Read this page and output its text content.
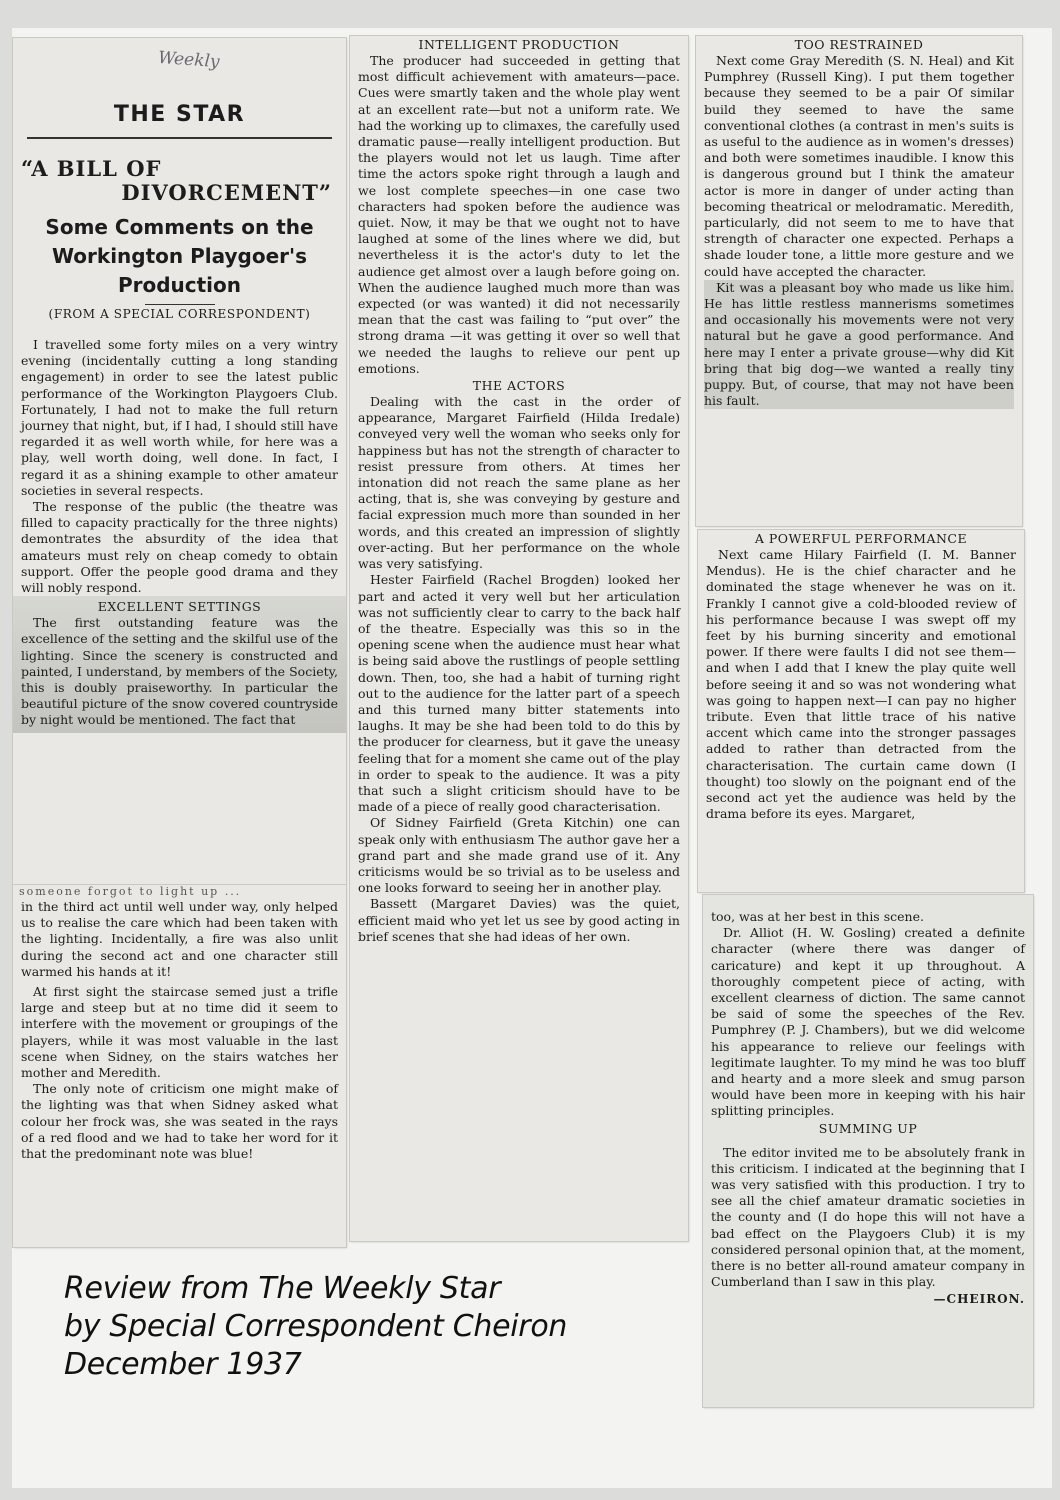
Weekly
THE STAR
“A BILL OF
DIVORCEMENT”
Some Comments on the Workington Playgoer's Production
(FROM A SPECIAL CORRESPONDENT)

I travelled some forty miles on a very wintry evening (incidentally cutting a long standing engagement) in order to see the latest public performance of the Workington Playgoers Club. Fortunately, I had not to make the full return journey that night, but, if I had, I should still have regarded it as well worth while, for here was a play, well worth doing, well done. In fact, I regard it as a shining example to other amateur societies in several respects.

The response of the public (the theatre was filled to capacity practically for the three nights) demontrates the absurdity of the idea that amateurs must rely on cheap comedy to obtain support. Offer the people good drama and they will nobly respond.

EXCELLENT SETTINGS

The first outstanding feature was the excellence of the setting and the skilful use of the lighting. Since the scenery is constructed and painted, I understand, by members of the Society, this is doubly praiseworthy. In particular the beautiful picture of the snow covered countryside by night would be mentioned. The fact that

someone forgot to light up ...

in the third act until well under way, only helped us to realise the care which had been taken with the lighting. Incidentally, a fire was also unlit during the second act and one character still warmed his hands at it!

At first sight the staircase semed just a trifle large and steep but at no time did it seem to interfere with the movement or groupings of the players, while it was most valuable in the last scene when Sidney, on the stairs watches her mother and Meredith.

The only note of criticism one might make of the lighting was that when Sidney asked what colour her frock was, she was seated in the rays of a red flood and we had to take her word for it that the predominant note was blue!

INTELLIGENT PRODUCTION

The producer had succeeded in getting that most difficult achievement with amateurs—pace. Cues were smartly taken and the whole play went at an excellent rate—but not a uniform rate. We had the working up to climaxes, the carefully used dramatic pause—really intelligent production. But the players would not let us laugh. Time after time the actors spoke right through a laugh and we lost complete speeches—in one case two characters had spoken before the audience was quiet. Now, it may be that we ought not to have laughed at some of the lines where we did, but nevertheless it is the actor's duty to let the audience get almost over a laugh before going on. When the audience laughed much more than was expected (or was wanted) it did not necessarily mean that the cast was failing to “put over” the strong drama —it was getting it over so well that we needed the laughs to relieve our pent up emotions.

THE ACTORS

Dealing with the cast in the order of appearance, Margaret Fairfield (Hilda Iredale) conveyed very well the woman who seeks only for happiness but has not the strength of character to resist pressure from others. At times her intonation did not reach the same plane as her acting, that is, she was conveying by gesture and facial expression much more than sounded in her words, and this created an impression of slightly over-acting. But her performance on the whole was very satisfying.

Hester Fairfield (Rachel Brogden) looked her part and acted it very well but her articulation was not sufficiently clear to carry to the back half of the theatre. Especially was this so in the opening scene when the audience must hear what is being said above the rustlings of people settling down. Then, too, she had a habit of turning right out to the audience for the latter part of a speech and this turned many bitter statements into laughs. It may be she had been told to do this by the producer for clearness, but it gave the uneasy feeling that for a moment she came out of the play in order to speak to the audience. It was a pity that such a slight criticism should have to be made of a piece of really good characterisation.

Of Sidney Fairfield (Greta Kitchin) one can speak only with enthusiasm The author gave her a grand part and she made grand use of it. Any criticisms would be so trivial as to be useless and one looks forward to seeing her in another play.

Bassett (Margaret Davies) was the quiet, efficient maid who yet let us see by good acting in brief scenes that she had ideas of her own.

TOO RESTRAINED

Next come Gray Meredith (S. N. Heal) and Kit Pumphrey (Russell King). I put them together because they seemed to be a pair Of similar build they seemed to have the same conventional clothes (a contrast in men's suits is as useful to the audience as in women's dresses) and both were sometimes inaudible. I know this is dangerous ground but I think the amateur actor is more in danger of under acting than becoming theatrical or melodramatic. Meredith, particularly, did not seem to me to have that strength of character one expected. Perhaps a shade louder tone, a little more gesture and we could have accepted the character.

Kit was a pleasant boy who made us like him. He has little restless mannerisms sometimes and occasionally his movements were not very natural but he gave a good performance. And here may I enter a private grouse—why did Kit bring that big dog—we wanted a really tiny puppy. But, of course, that may not have been his fault.

A POWERFUL PERFORMANCE

Next came Hilary Fairfield (I. M. Banner Mendus). He is the chief character and he dominated the stage whenever he was on it. Frankly I cannot give a cold-blooded review of his performance because I was swept off my feet by his burning sincerity and emotional power. If there were faults I did not see them—and when I add that I knew the play quite well before seeing it and so was not wondering what was going to happen next—I can pay no higher tribute. Even that little trace of his native accent which came into the stronger passages added to rather than detracted from the characterisation. The curtain came down (I thought) too slowly on the poignant end of the second act yet the audience was held by the drama before its eyes. Margaret,

too, was at her best in this scene.

Dr. Alliot (H. W. Gosling) created a definite character (where there was danger of caricature) and kept it up throughout. A thoroughly competent piece of acting, with excellent clearness of diction. The same cannot be said of some the speeches of the Rev. Pumphrey (P. J. Chambers), but we did welcome his appearance to relieve our feelings with legitimate laughter. To my mind he was too bluff and hearty and a more sleek and smug parson would have been more in keeping with his hair splitting principles.

SUMMING UP

The editor invited me to be absolutely frank in this criticism. I indicated at the beginning that I was very satisfied with this production. I try to see all the chief amateur dramatic societies in the county and (I do hope this will not have a bad effect on the Playgoers Club) it is my considered personal opinion that, at the moment, there is no better all-round amateur company in Cumberland than I saw in this play.

—CHEIRON.
Review from The Weekly Star
by Special Correspondent Cheiron
December 1937
